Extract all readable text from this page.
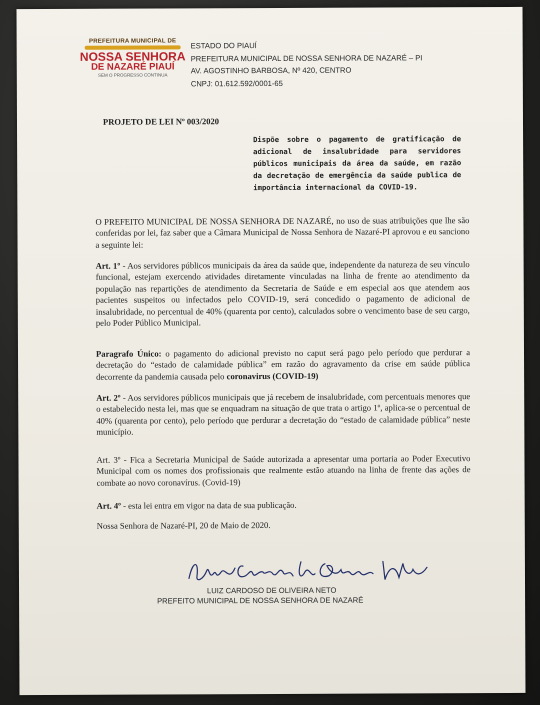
PREFEITURA MUNICIPAL DE
NOSSA SENHORA
DE NAZARÉ PIAUÍ
SEM O PROGRESSO CONTINUA
ESTADO DO PIAUÍ
PREFEITURA MUNICIPAL DE NOSSA SENHORA DE NAZARÉ – PI
AV. AGOSTINHO BARBOSA, Nº 420, CENTRO
CNPJ: 01.612.592/0001-65
PROJETO DE LEI Nº 003/2020
Dispõe sobre o pagamento de gratificação de adicional de insalubridade para servidores públicos municipais da área da saúde, em razão da decretação de emergência da saúde publica de importância internacional da COVID-19.
O PREFEITO MUNICIPAL DE NOSSA SENHORA DE NAZARÉ, no uso de suas atribuições que lhe são conferidas por lei, faz saber que a Câmara Municipal de Nossa Senhora de Nazaré-PI aprovou e eu sanciono a seguinte lei:
Art. 1º - Aos servidores públicos municipais da área da saúde que, independente da natureza de seu vínculo funcional, estejam exercendo atividades diretamente vinculadas na linha de frente ao atendimento da população nas repartições de atendimento da Secretaria de Saúde e em especial aos que atendem aos pacientes suspeitos ou infectados pelo COVID-19, será concedido o pagamento de adicional de insalubridade, no percentual de 40% (quarenta por cento), calculados sobre o vencimento base de seu cargo, pelo Poder Público Municipal.
Paragrafo Único: o pagamento do adicional previsto no caput será pago pelo período que perdurar a decretação do “estado de calamidade pública” em razão do agravamento da crise em saúde pública decorrente da pandemia causada pelo coronavirus (COVID-19)
Art. 2º - Aos servidores públicos municipais que já recebem de insalubridade, com percentuais menores que o estabelecido nesta lei, mas que se enquadram na situação de que trata o artigo 1º, aplica-se o percentual de 40% (quarenta por cento), pelo período que perdurar a decretação do “estado de calamidade pública” neste município.
Art. 3º - Fica a Secretaria Municipal de Saúde autorizada a apresentar uma portaria ao Poder Executivo Municipal com os nomes dos profissionais que realmente estão atuando na linha de frente das ações de combate ao novo coronavírus. (Covid-19)
Art. 4º - esta lei entra em vigor na data de sua publicação.
Nossa Senhora de Nazaré-PI, 20 de Maio de 2020.
LUIZ CARDOSO DE OLIVEIRA NETO
PREFEITO MUNICIPAL DE NOSSA SENHORA DE NAZARÉ
